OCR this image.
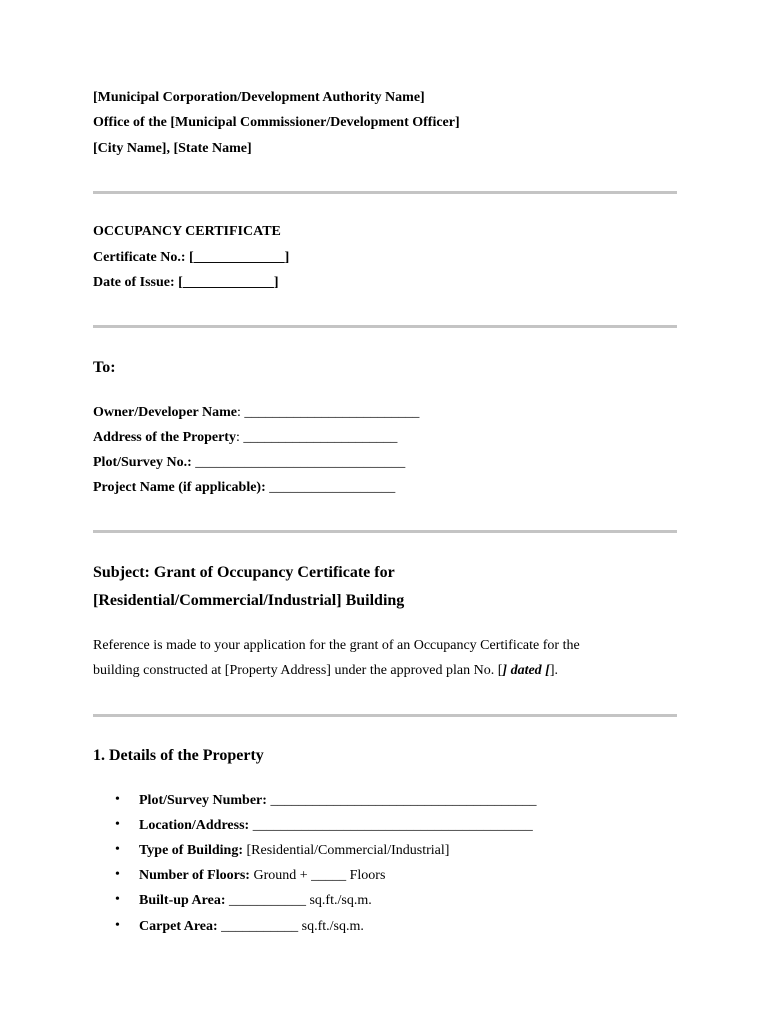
[Municipal Corporation/Development Authority Name]
Office of the [Municipal Commissioner/Development Officer]
[City Name], [State Name]
OCCUPANCY CERTIFICATE
Certificate No.: [_____________]
Date of Issue: [_____________]
To:
Owner/Developer Name: _________________________
Address of the Property: ______________________
Plot/Survey No.: ______________________________
Project Name (if applicable): __________________
Subject: Grant of Occupancy Certificate for
[Residential/Commercial/Industrial] Building
Reference is made to your application for the grant of an Occupancy Certificate for the
building constructed at [Property Address] under the approved plan No. [] dated [].
1. Details of the Property
• Plot/Survey Number: ______________________________________
• Location/Address: ________________________________________
• Type of Building: [Residential/Commercial/Industrial]
• Number of Floors: Ground + _____ Floors
• Built-up Area: ___________ sq.ft./sq.m.
• Carpet Area: ___________ sq.ft./sq.m.
